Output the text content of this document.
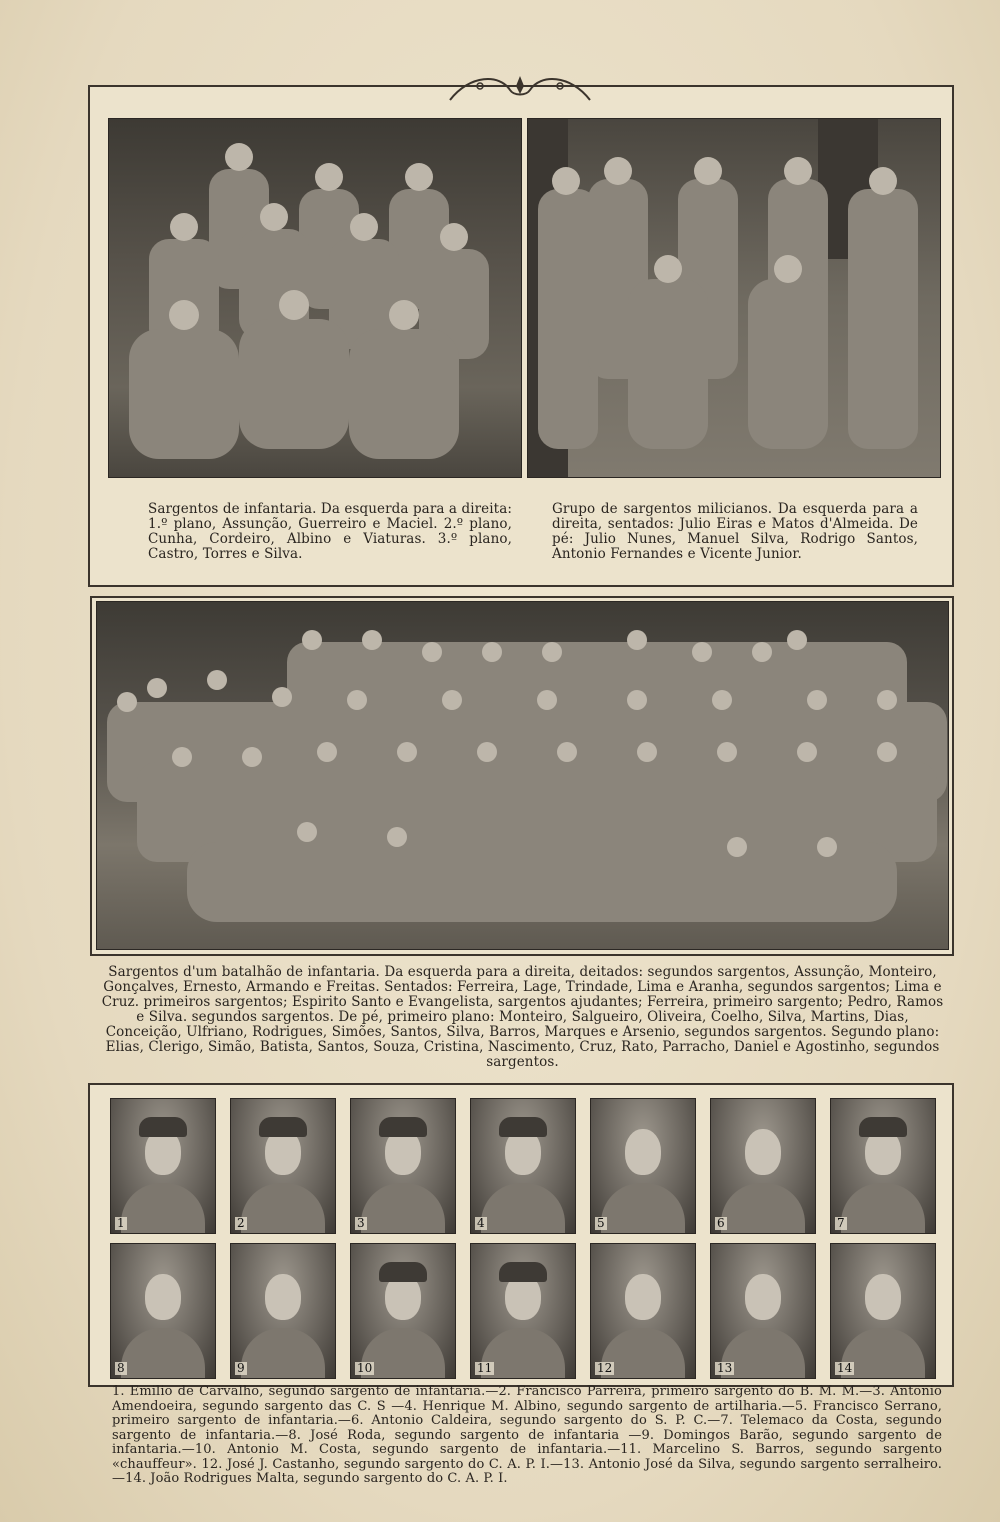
Sargentos de infantaria. Da esquerda para a direita: 1.º plano, Assunção, Guerreiro e Maciel. 2.º plano, Cunha, Cordeiro, Albino e Viaturas. 3.º plano, Castro, Torres e Silva.
Grupo de sargentos milicianos. Da esquerda para a direita, sentados: Julio Eiras e Matos d'Almeida. De pé: Julio Nunes, Manuel Silva, Rodrigo Santos, Antonio Fernandes e Vicente Junior.
Sargentos d'um batalhão de infantaria. Da esquerda para a direita, deitados: segundos sargentos, Assunção, Monteiro, Gonçalves, Ernesto, Armando e Freitas. Sentados: Ferreira, Lage, Trindade, Lima e Aranha, segundos sargentos; Lima e Cruz. primeiros sargentos; Espirito Santo e Evangelista, sargentos ajudantes; Ferreira, primeiro sargento; Pedro, Ramos e Silva. segundos sargentos. De pé, primeiro plano: Monteiro, Salgueiro, Oliveira, Coelho, Silva, Martins, Dias, Conceição, Ulfriano, Rodrigues, Simões, Santos, Silva, Barros, Marques e Arsenio, segundos sargentos. Segundo plano: Elias, Clerigo, Simão, Batista, Santos, Souza, Cristina, Nascimento, Cruz, Rato, Parracho, Daniel e Agostinho, segundos sargentos.
1	2	3	4	5	6	7
8	9	10	11	12	13	14
1. Emilio de Carvalho, segundo sargento de infantaria.—2. Francisco Parreira, primeiro sargento do B. M. M.—3. Antonio Amendoeira, segundo sargento das C. S —4. Henrique M. Albino, segundo sargento de artilharia.—5. Francisco Serrano, primeiro sargento de infantaria.—6. Antonio Caldeira, segundo sargento do S. P. C.—7. Telemaco da Costa, segundo sargento de infantaria.—8. José Roda, segundo sargento de infantaria —9. Domingos Barão, segundo sargento de infantaria.—10. Antonio M. Costa, segundo sargento de infantaria.—11. Marcelino S. Barros, segundo sargento «chauffeur». 12. José J. Castanho, segundo sargento do C. A. P. I.—13. Antonio José da Silva, segundo sargento serralheiro.—14. João Rodrigues Malta, segundo sargento do C. A. P. I.
